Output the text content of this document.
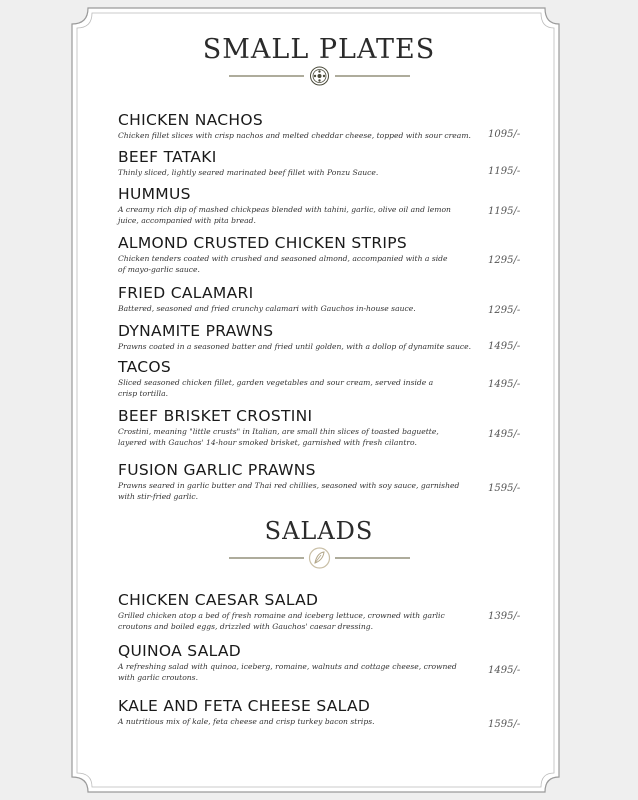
SMALL PLATES
CHICKEN NACHOS
Chicken fillet slices with crisp nachos and melted cheddar cheese, topped with sour cream.	1095/-
BEEF TATAKI
Thinly sliced, lightly seared marinated beef fillet with Ponzu Sauce.	1195/-
HUMMUS
A creamy rich dip of mashed chickpeas blended with tahini, garlic, olive oil and lemon juice, accompanied with pita bread.
1195/-
ALMOND CRUSTED CHICKEN STRIPS
Chicken tenders coated with crushed and seasoned almond, accompanied with a side of mayo-garlic sauce.
1295/-
FRIED CALAMARI
Battered, seasoned and fried crunchy calamari with Gauchos in-house sauce.	1295/-
DYNAMITE PRAWNS
Prawns coated in a seasoned batter and fried until golden, with a dollop of dynamite sauce.	1495/-
TACOS
Sliced seasoned chicken fillet, garden vegetables and sour cream, served inside a crisp tortilla.
1495/-
BEEF BRISKET CROSTINI
Crostini, meaning "little crusts" in Italian, are small thin slices of toasted baguette, layered with Gauchos' 14-hour smoked brisket, garnished with fresh cilantro.
1495/-
FUSION GARLIC PRAWNS
Prawns seared in garlic butter and Thai red chillies, seasoned with soy sauce, garnished with stir-fried garlic.
1595/-
SALADS
CHICKEN CAESAR SALAD
Grilled chicken atop a bed of fresh romaine and iceberg lettuce, crowned with garlic croutons and boiled eggs, drizzled with Gauchos' caesar dressing.
1395/-
QUINOA SALAD
A refreshing salad with quinoa, iceberg, romaine, walnuts and cottage cheese, crowned with garlic croutons.
1495/-
KALE AND FETA CHEESE SALAD
A nutritious mix of kale, feta cheese and crisp turkey bacon strips.	1595/-
